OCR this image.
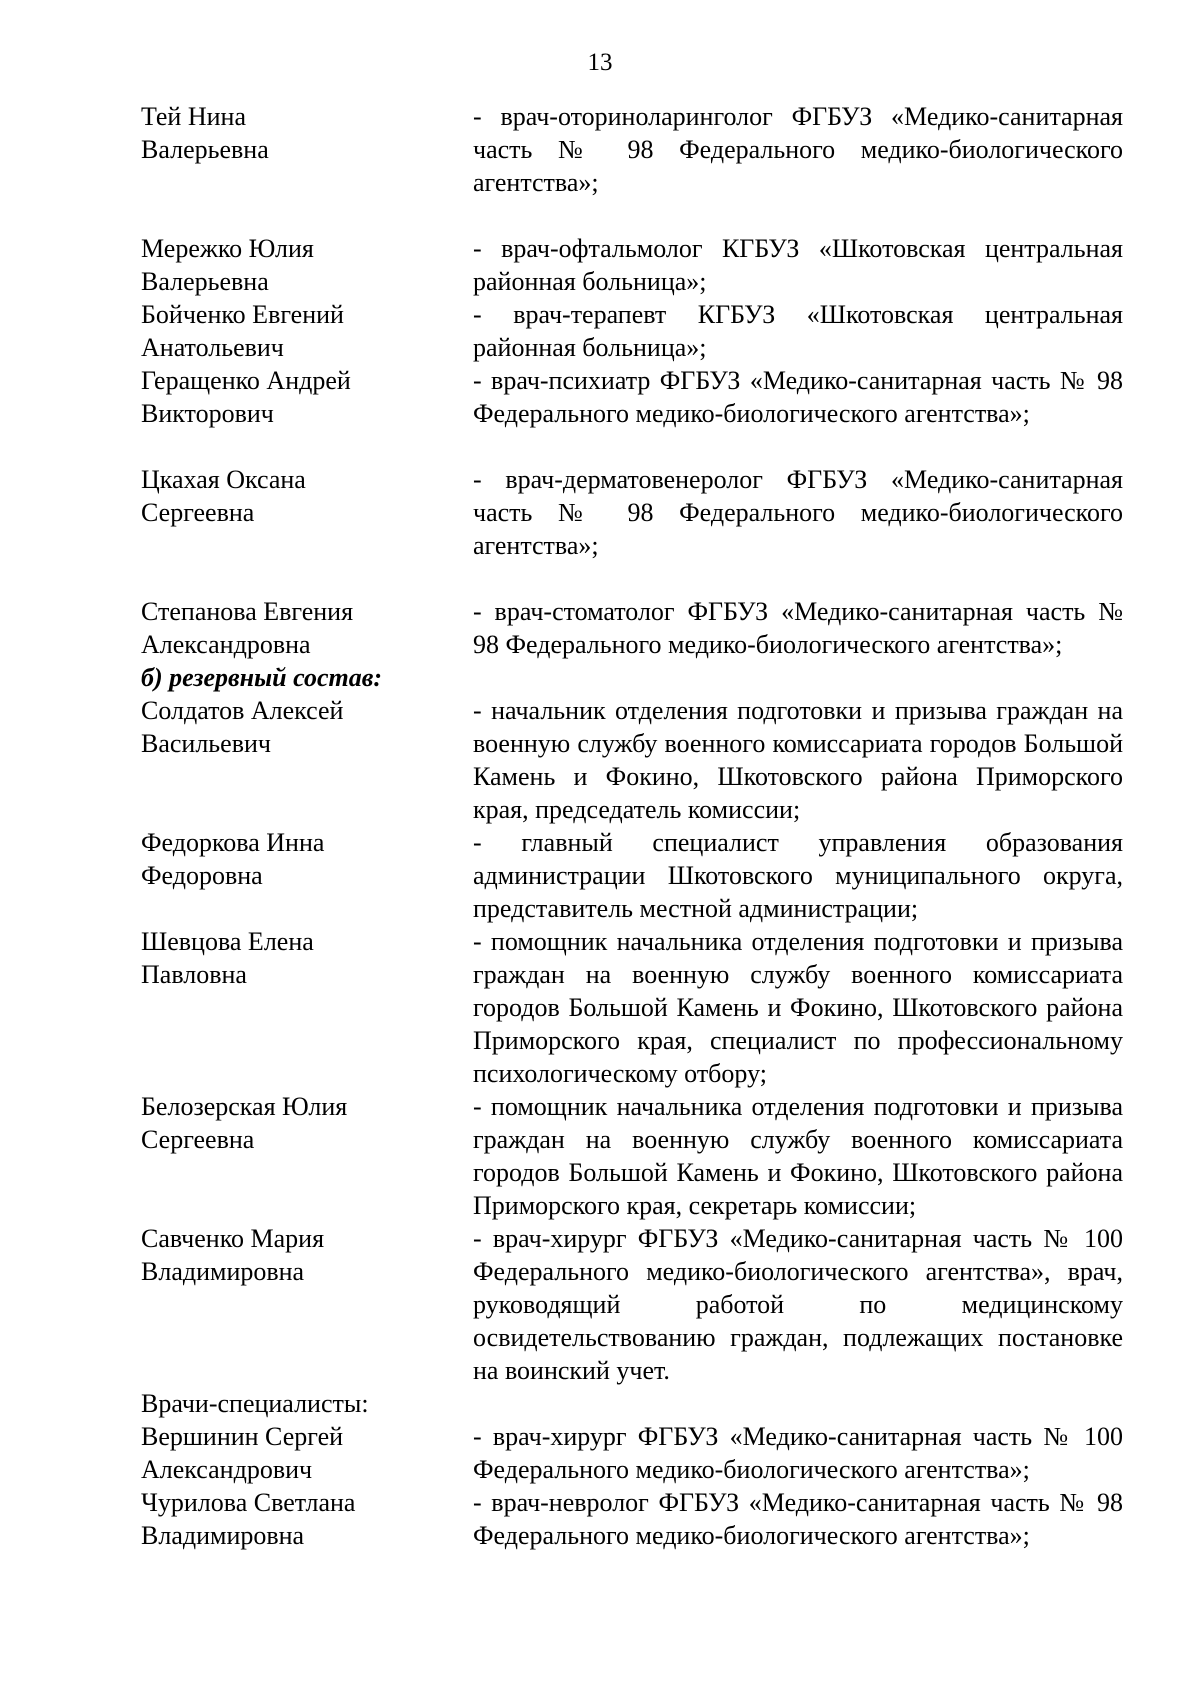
13
Тей Нина
Валерьевна
- врач-оториноларинголог ФГБУЗ «Медико-санитарная часть № 98 Федерального медико-биологического агентства»;
Мережко Юлия
Валерьевна
- врач-офтальмолог КГБУЗ «Шкотовская центральная районная больница»;
Бойченко Евгений
Анатольевич
- врач-терапевт КГБУЗ «Шкотовская центральная районная больница»;
Геращенко Андрей
Викторович
- врач-психиатр ФГБУЗ «Медико-санитарная часть № 98 Федерального медико-биологического агентства»;
Цкахая Оксана
Сергеевна
- врач-дерматовенеролог ФГБУЗ «Медико-санитарная часть № 98 Федерального медико-биологического агентства»;
Степанова Евгения
Александровна
- врач-стоматолог ФГБУЗ «Медико-санитарная часть № 98 Федерального медико-биологического агентства»;
б) резервный состав:
Солдатов Алексей
Васильевич
- начальник отделения подготовки и призыва граждан на военную службу военного комиссариата городов Большой Камень и Фокино, Шкотовского района Приморского края, председатель комиссии;
Федоркова Инна
Федоровна
- главный специалист управления образования администрации Шкотовского муниципального округа, представитель местной администрации;
Шевцова Елена
Павловна
- помощник начальника отделения подготовки и призыва граждан на военную службу военного комиссариата городов Большой Камень и Фокино, Шкотовского района Приморского края, специалист по профессиональному психологическому отбору;
Белозерская Юлия
Сергеевна
- помощник начальника отделения подготовки и призыва граждан на военную службу военного комиссариата городов Большой Камень и Фокино, Шкотовского района Приморского края, секретарь комиссии;
Савченко Мария
Владимировна
- врач-хирург ФГБУЗ «Медико-санитарная часть № 100 Федерального медико-биологического агентства», врач, руководящий работой по медицинскому освидетельствованию граждан, подлежащих постановке на воинский учет.
Врачи-специалисты:
Вершинин Сергей
Александрович
- врач-хирург ФГБУЗ «Медико-санитарная часть № 100 Федерального медико-биологического агентства»;
Чурилова Светлана
Владимировна
- врач-невролог ФГБУЗ «Медико-санитарная часть № 98 Федерального медико-биологического агентства»;
